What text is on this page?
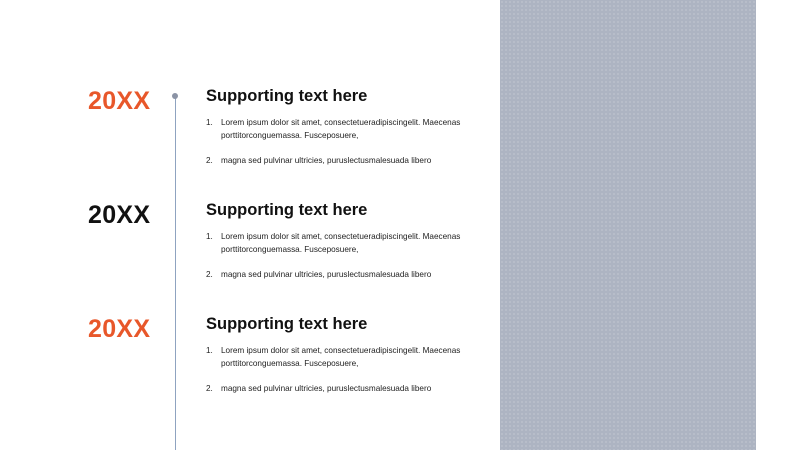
20XX	Supporting text here
1. Lorem ipsum dolor sit amet, consectetueradipiscingelit. Maecenas porttitorconguemassa. Fusceposuere,
2. magna sed pulvinar ultricies, puruslectusmalesuada libero
20XX	Supporting text here
1. Lorem ipsum dolor sit amet, consectetueradipiscingelit. Maecenas porttitorconguemassa. Fusceposuere,
2. magna sed pulvinar ultricies, puruslectusmalesuada libero
20XX	Supporting text here
1. Lorem ipsum dolor sit amet, consectetueradipiscingelit. Maecenas porttitorconguemassa. Fusceposuere,
2. magna sed pulvinar ultricies, puruslectusmalesuada libero
